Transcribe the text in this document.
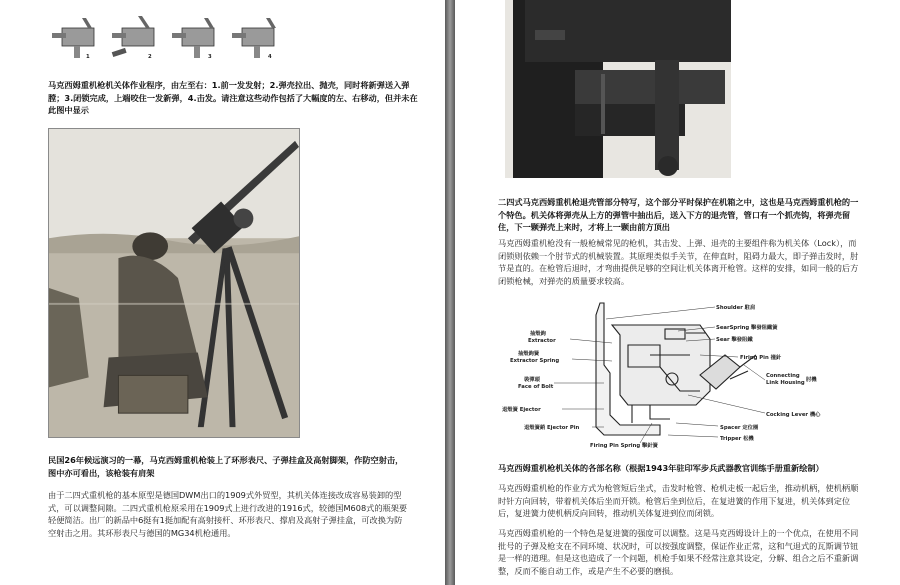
1	2	3	4
马克西姆重机枪机关体作业程序，由左至右：1.前一发发射；2.弹壳拉出、抛壳，同时将新弹送入弹膛；3.闭锁完成，上端咬住一发新弹，4.击发。请注意这些动作包括了大幅度的左、右移动，但并未在此图中显示
民国26年候远演习的一幕，马克西姆重机枪装上了环形表尺、子弹挂盒及高射脚架，作防空射击，图中亦可看出，该枪装有肩架
由于二四式重机枪的基本原型是德国DWM出口的1909式外贸型，其机关体连接改成容易装卸的型式，可以调整间隙。二四式重机枪原采用在1909式上进行改进的1916式，较德国M608式的瓶架要轻便简洁。出厂的新品中6挺有1挺加配有高射接杆、环形表尺、撑肩及高射子弹挂盒，可改换为防空射击之用。其环形表尺与德国的MG34机枪通用。
二四式马克西姆重机枪退壳管部分特写，这个部分平时保护在机箱之中，这也是马克西姆重机枪的一个特色。机关体将弹壳从上方的弹管中抽出后，送入下方的退壳管，管口有一个抓壳钩，将弹壳留住，下一颗弹壳上来时，才将上一颗由前方顶出
马克西姆重机枪没有一般枪械常见的枪机，其击发、上弹、退壳的主要组件称为机关体（Lock），而闭锁则依赖一个肘节式的机械装置。其原理类似手关节，在伸直时，阻碍力最大，即子弹击发时，肘节是直的。在枪管后退时，才弯曲提供足够的空间让机关体离开枪管。这样的安排，如同一般的后方闭锁枪械，对弹壳的质量要求较高。
Shoulder 駐肩
SearSpring 擊發阻鐵簧
Sear 擊發阻鐵
Firing Pin 撞針
Connecting
Link Housing 肘機
Cocking Lever 機心
Spacer 定位圈
Tripper 松機
抽殼鉤
Extractor
抽殼鉤簧
Extractor Spring
裝彈頭
Face of Bolt
退殼簧 Ejector
退殼簧銷 Ejector Pin
Firing Pin Spring 擊針簧
马克西姆重机枪机关体的各部名称（根据1943年驻印军步兵武器教官训练手册重新绘制）
马克西姆重机枪的作业方式为枪管短后坐式，击发时枪管、枪机走板一起后坐，推动机柄，使机柄顺时针方向回转，带着机关体后坐而开锁。枪管后坐到位后，在复进簧的作用下复进，机关体到定位后，复进簧力使机柄反向回转，推动机关体复进到位而闭锁。
马克西姆重机枪的一个特色是复进簧的强度可以调整。这是马克西姆设计上的一个优点，在使用不同批号的子弹及枪支在不同环境、状况时，可以按强度调整，保证作业正常，这和气退式的瓦斯调节钮是一样的道理。但是这也造成了一个问题，机枪手如果不经常注意其设定，分解、组合之后不重新调整，反而不能自动工作，或是产生不必要的磨损。
